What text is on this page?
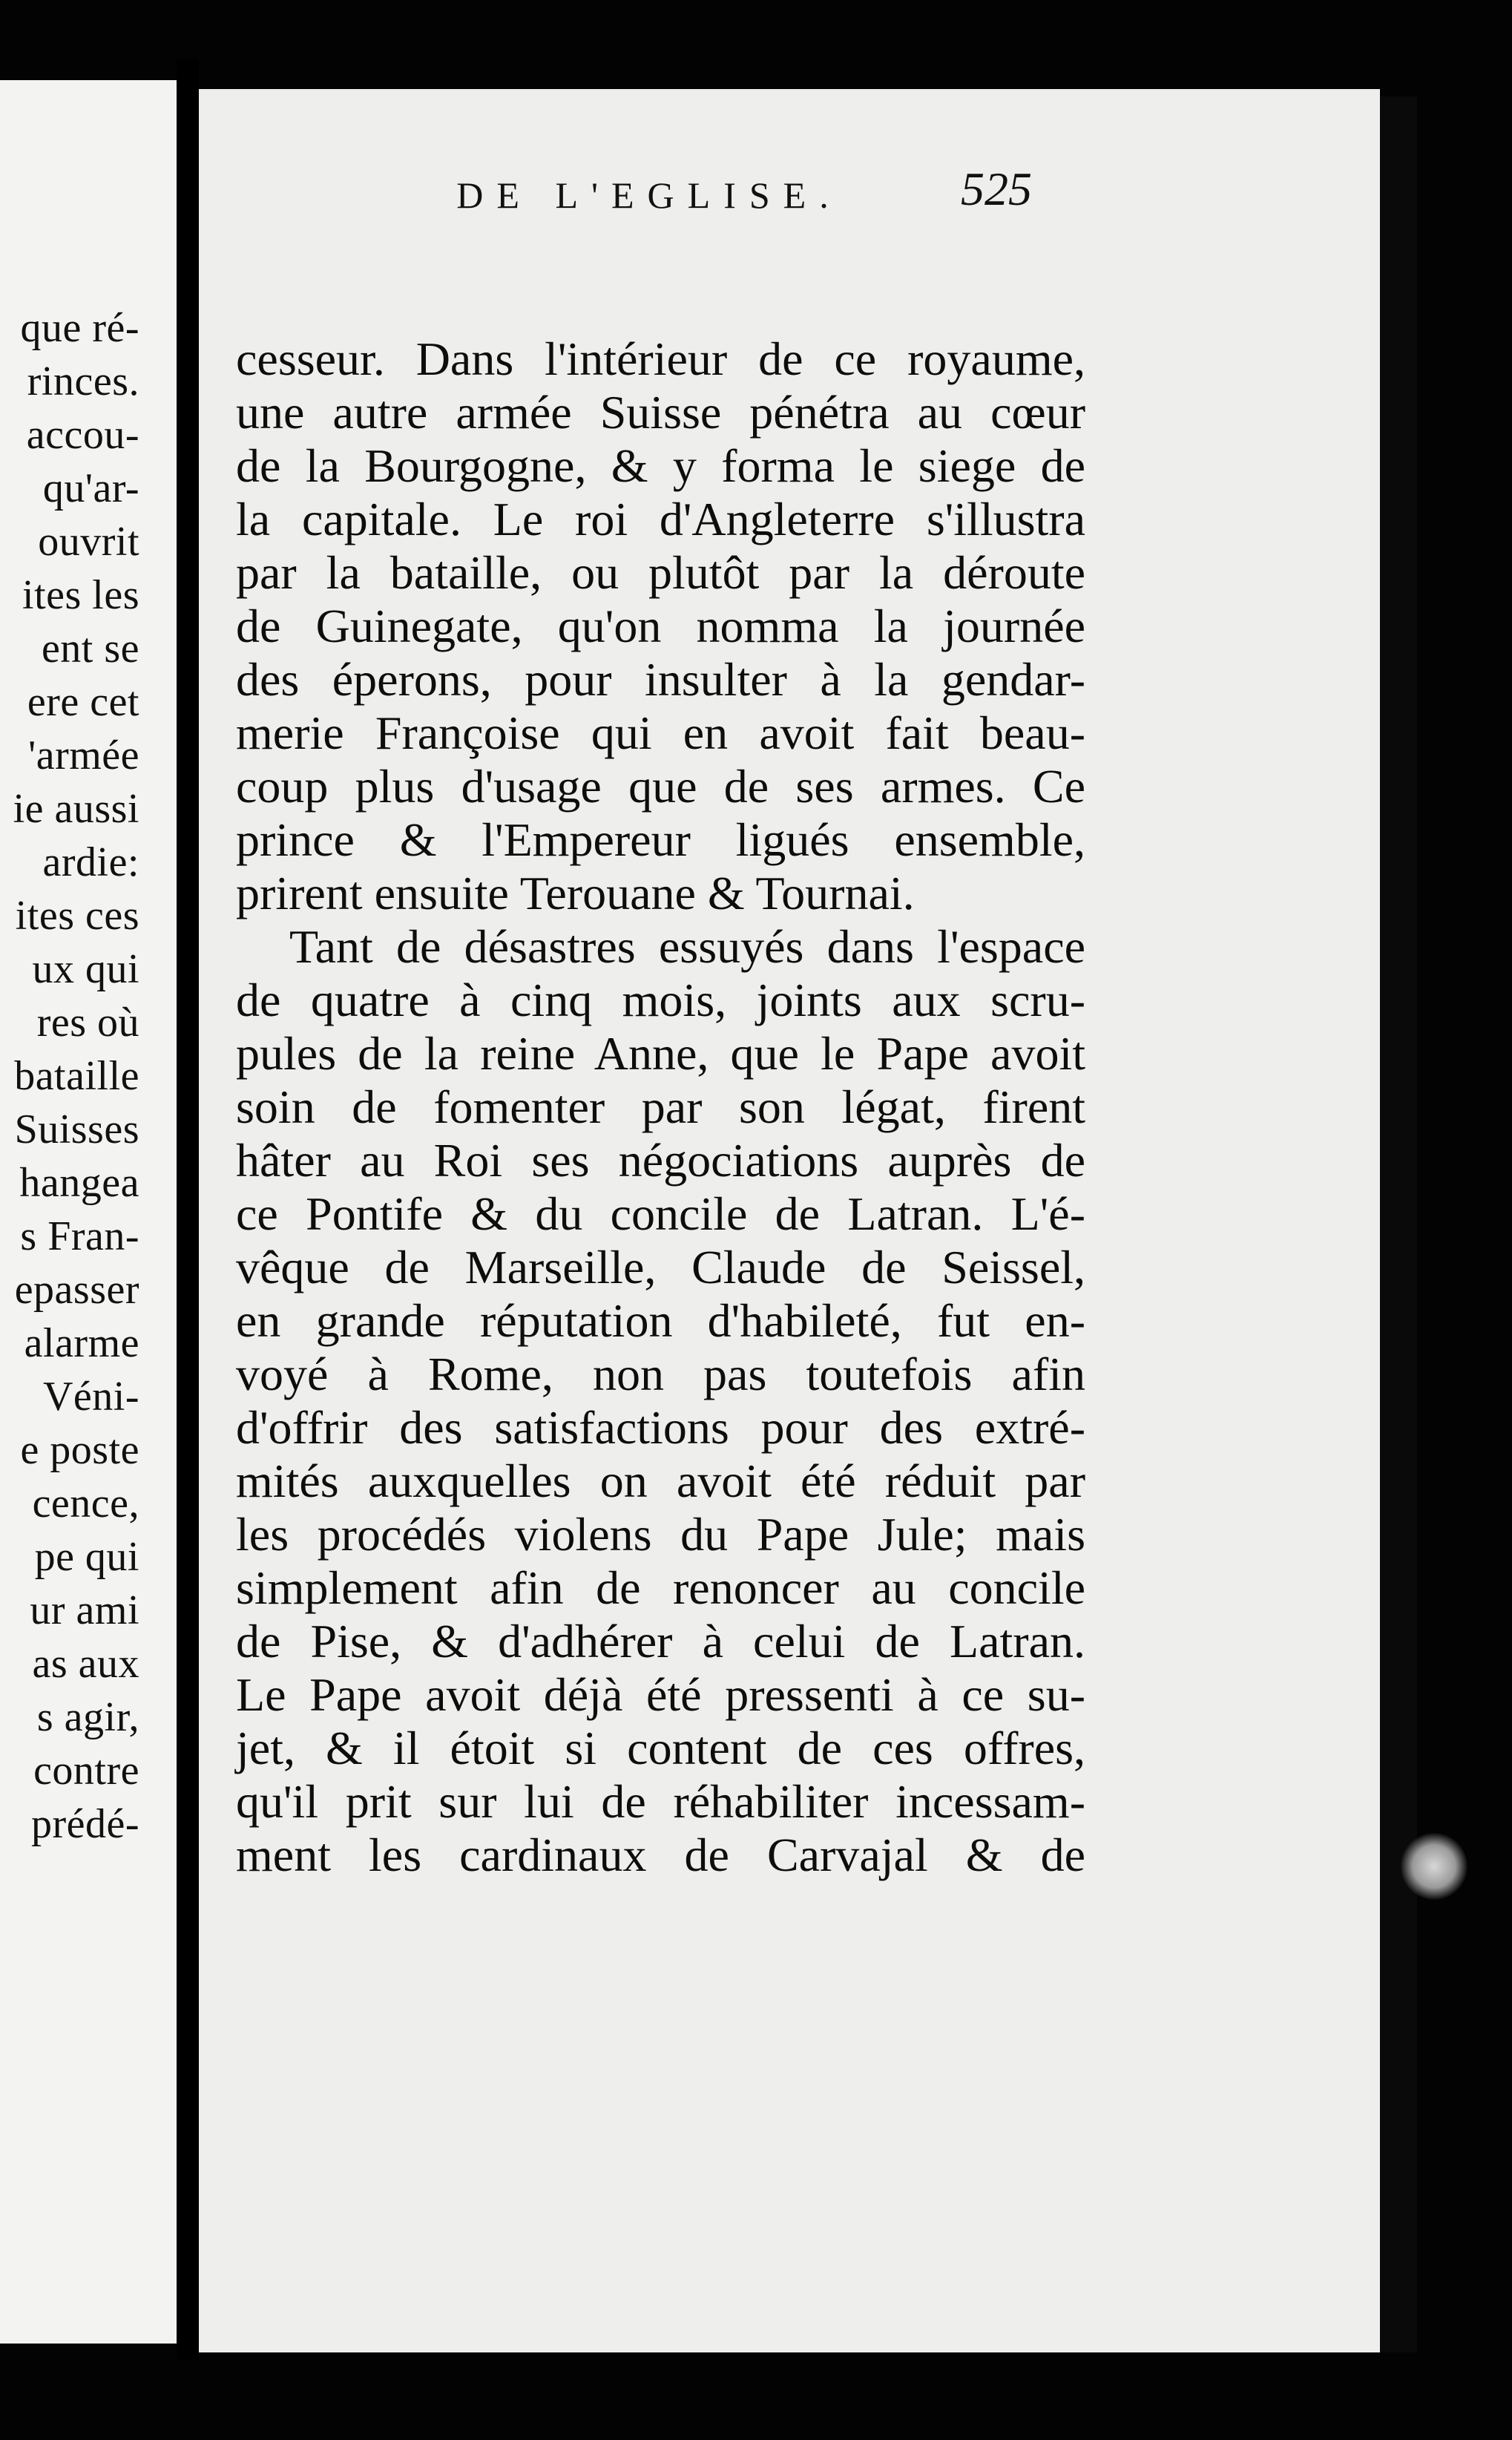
que ré-
rinces.
accou-
qu'ar-
ouvrit
ites les
ent se
ere cet
'armée
ie aussi
ardie:
ites ces
ux qui
res où
bataille
Suisses
hangea
s Fran-
epasser
alarme
Véni-
e poste
cence,
pe qui
ur ami
as aux
s agir,
contre
prédé-
DE L'EGLISE.	525
cesseur. Dans l'intérieur de ce royaume,
une autre armée Suisse pénétra au cœur
de la Bourgogne, & y forma le siege de
la capitale. Le roi d'Angleterre s'illustra
par la bataille, ou plutôt par la déroute
de Guinegate, qu'on nomma la journée
des éperons, pour insulter à la gendar-
merie Françoise qui en avoit fait beau-
coup plus d'usage que de ses armes. Ce
prince & l'Empereur ligués ensemble,
prirent ensuite Terouane & Tournai.
Tant de désastres essuyés dans l'espace
de quatre à cinq mois, joints aux scru-
pules de la reine Anne, que le Pape avoit
soin de fomenter par son légat, firent
hâter au Roi ses négociations auprès de
ce Pontife & du concile de Latran. L'é-
vêque de Marseille, Claude de Seissel,
en grande réputation d'habileté, fut en-
voyé à Rome, non pas toutefois afin
d'offrir des satisfactions pour des extré-
mités auxquelles on avoit été réduit par
les procédés violens du Pape Jule; mais
simplement afin de renoncer au concile
de Pise, & d'adhérer à celui de Latran.
Le Pape avoit déjà été pressenti à ce su-
jet, & il étoit si content de ces offres,
qu'il prit sur lui de réhabiliter incessam-
ment les cardinaux de Carvajal & de
